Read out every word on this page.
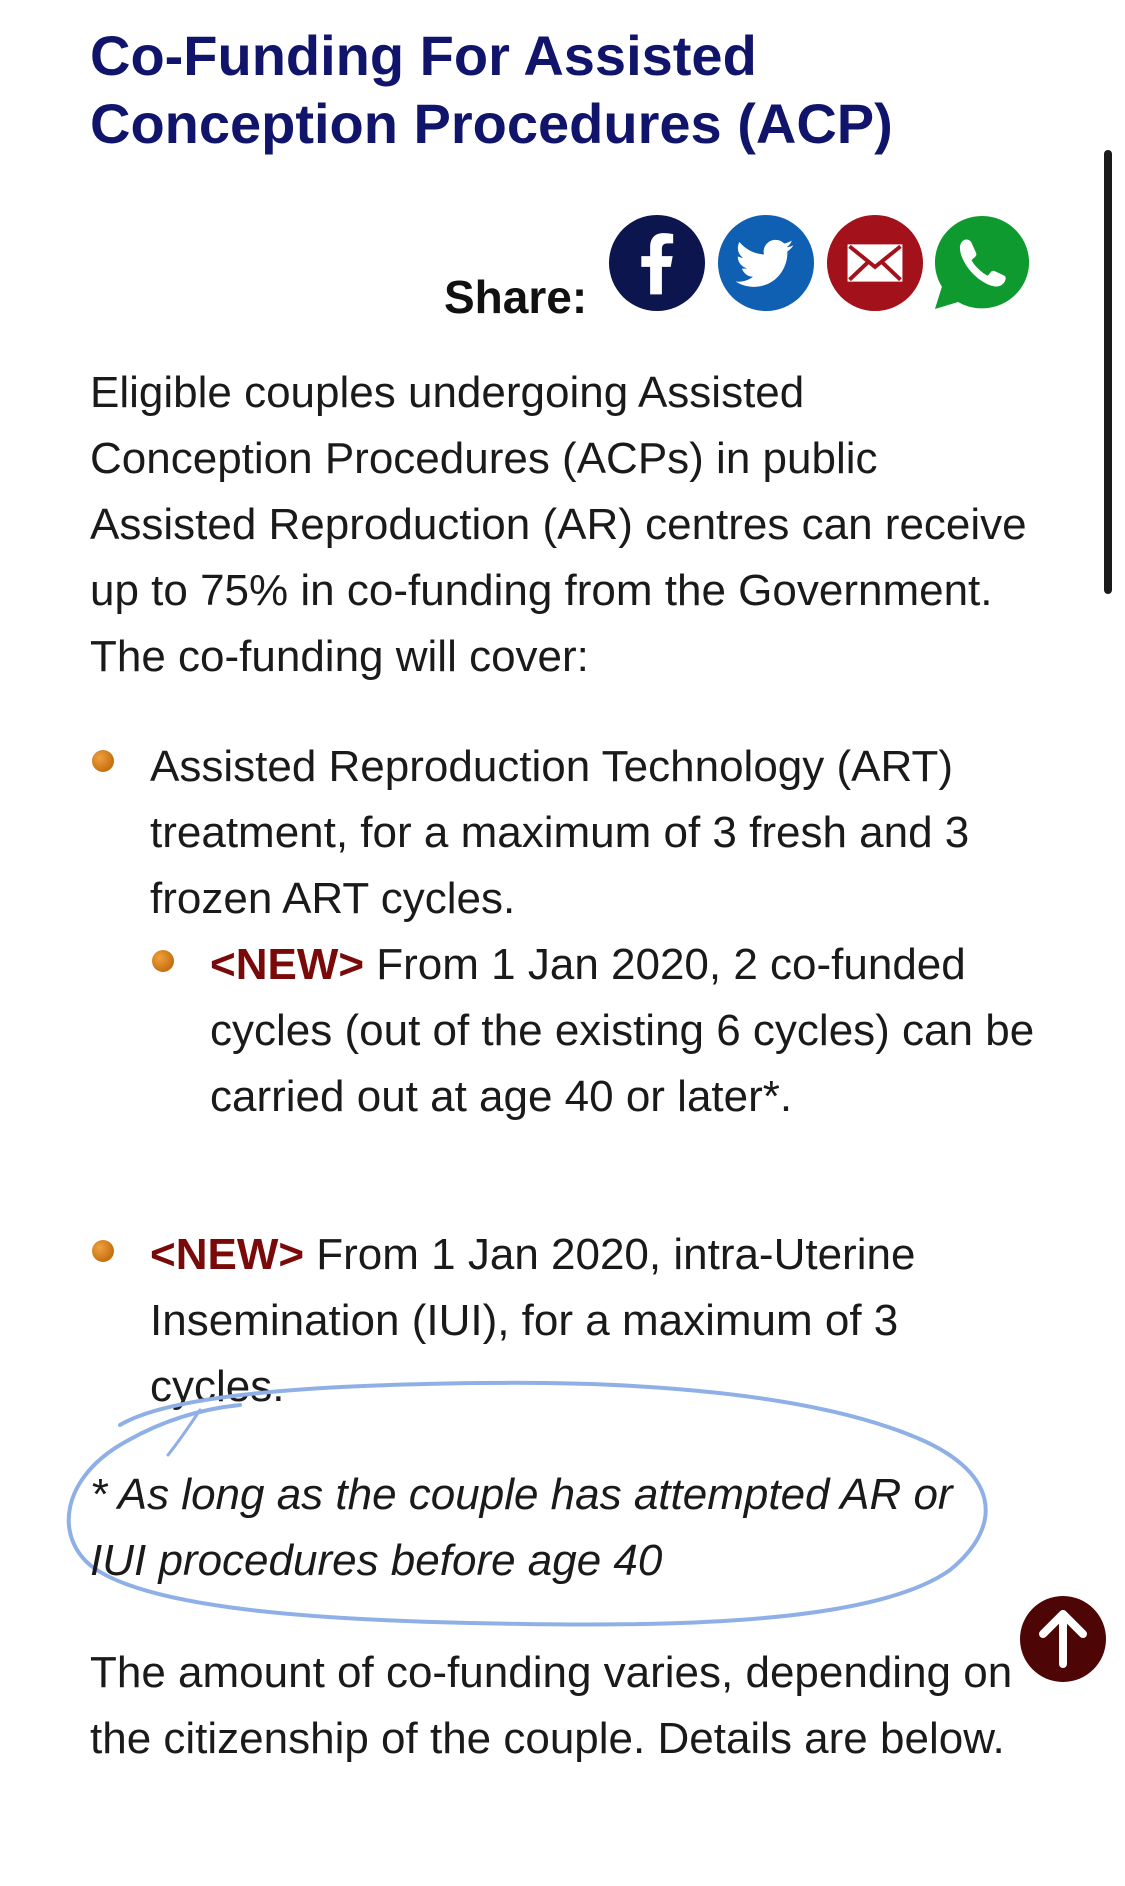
Co-Funding For Assisted Conception Procedures (ACP)
Share:

Eligible couples undergoing Assisted Conception Procedures (ACPs) in public Assisted Reproduction (AR) centres can receive up to 75% in co-funding from the Government. The co-funding will cover:

Assisted Reproduction Technology (ART) treatment, for a maximum of 3 fresh and 3 frozen ART cycles.
<NEW> From 1 Jan 2020, 2 co-funded cycles (out of the existing 6 cycles) can be carried out at age 40 or later*.
<NEW> From 1 Jan 2020, intra-Uterine Insemination (IUI), for a maximum of 3 cycles.

* As long as the couple has attempted AR or IUI procedures before age 40

The amount of co-funding varies, depending on the citizenship of the couple. Details are below.
